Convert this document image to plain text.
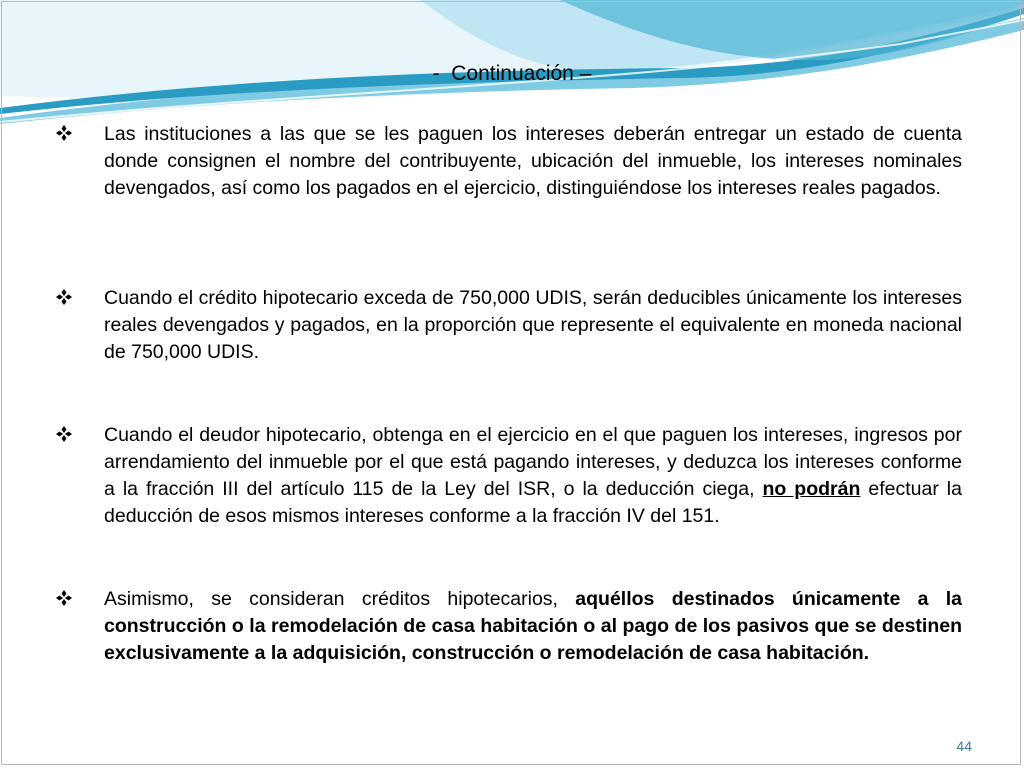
-  Continuación –
Las instituciones a las que se les paguen los intereses deberán entregar un estado de cuenta donde consignen el nombre del contribuyente, ubicación del inmueble, los intereses nominales devengados, así como los pagados en el ejercicio, distinguiéndose los intereses reales pagados.
Cuando el crédito hipotecario exceda de 750,000 UDIS, serán deducibles únicamente los intereses reales devengados y pagados, en la proporción que represente el equivalente en moneda nacional de 750,000 UDIS.
Cuando el deudor hipotecario, obtenga en el ejercicio en el que paguen los intereses, ingresos por arrendamiento del inmueble por el que está pagando intereses, y deduzca los intereses conforme a la fracción III del artículo 115 de la Ley del ISR, o la deducción ciega, no podrán efectuar la deducción de esos mismos intereses conforme a la fracción IV del 151.
Asimismo, se consideran créditos hipotecarios, aquéllos destinados únicamente a la construcción o la remodelación de casa habitación o al pago de los pasivos que se destinen exclusivamente a la adquisición, construcción o remodelación de casa habitación.
44
